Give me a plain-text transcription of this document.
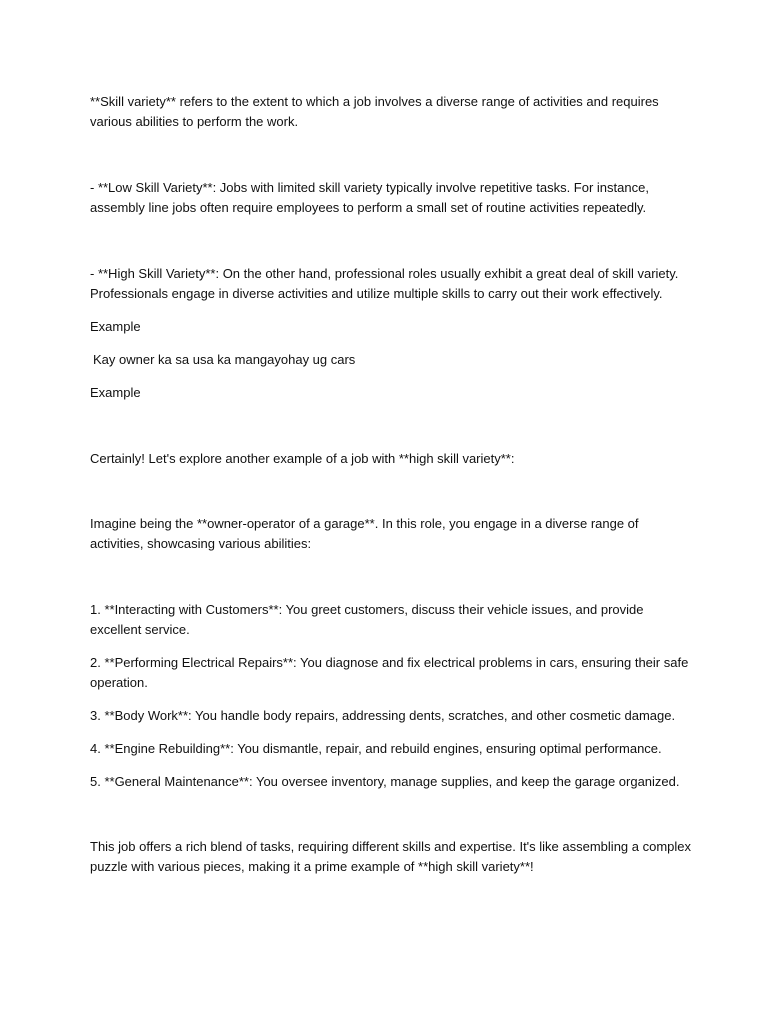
**Skill variety** refers to the extent to which a job involves a diverse range of activities and requires
various abilities to perform the work.

- **Low Skill Variety**: Jobs with limited skill variety typically involve repetitive tasks. For instance,
assembly line jobs often require employees to perform a small set of routine activities repeatedly.

- **High Skill Variety**: On the other hand, professional roles usually exhibit a great deal of skill variety.
Professionals engage in diverse activities and utilize multiple skills to carry out their work effectively.

Example

Kay owner ka sa usa ka mangayohay ug cars

Example

Certainly! Let's explore another example of a job with **high skill variety**:

Imagine being the **owner-operator of a garage**. In this role, you engage in a diverse range of
activities, showcasing various abilities:

1. **Interacting with Customers**: You greet customers, discuss their vehicle issues, and provide
excellent service.

2. **Performing Electrical Repairs**: You diagnose and fix electrical problems in cars, ensuring their safe
operation.

3. **Body Work**: You handle body repairs, addressing dents, scratches, and other cosmetic damage.

4. **Engine Rebuilding**: You dismantle, repair, and rebuild engines, ensuring optimal performance.

5. **General Maintenance**: You oversee inventory, manage supplies, and keep the garage organized.

This job offers a rich blend of tasks, requiring different skills and expertise. It's like assembling a complex
puzzle with various pieces, making it a prime example of **high skill variety**!
